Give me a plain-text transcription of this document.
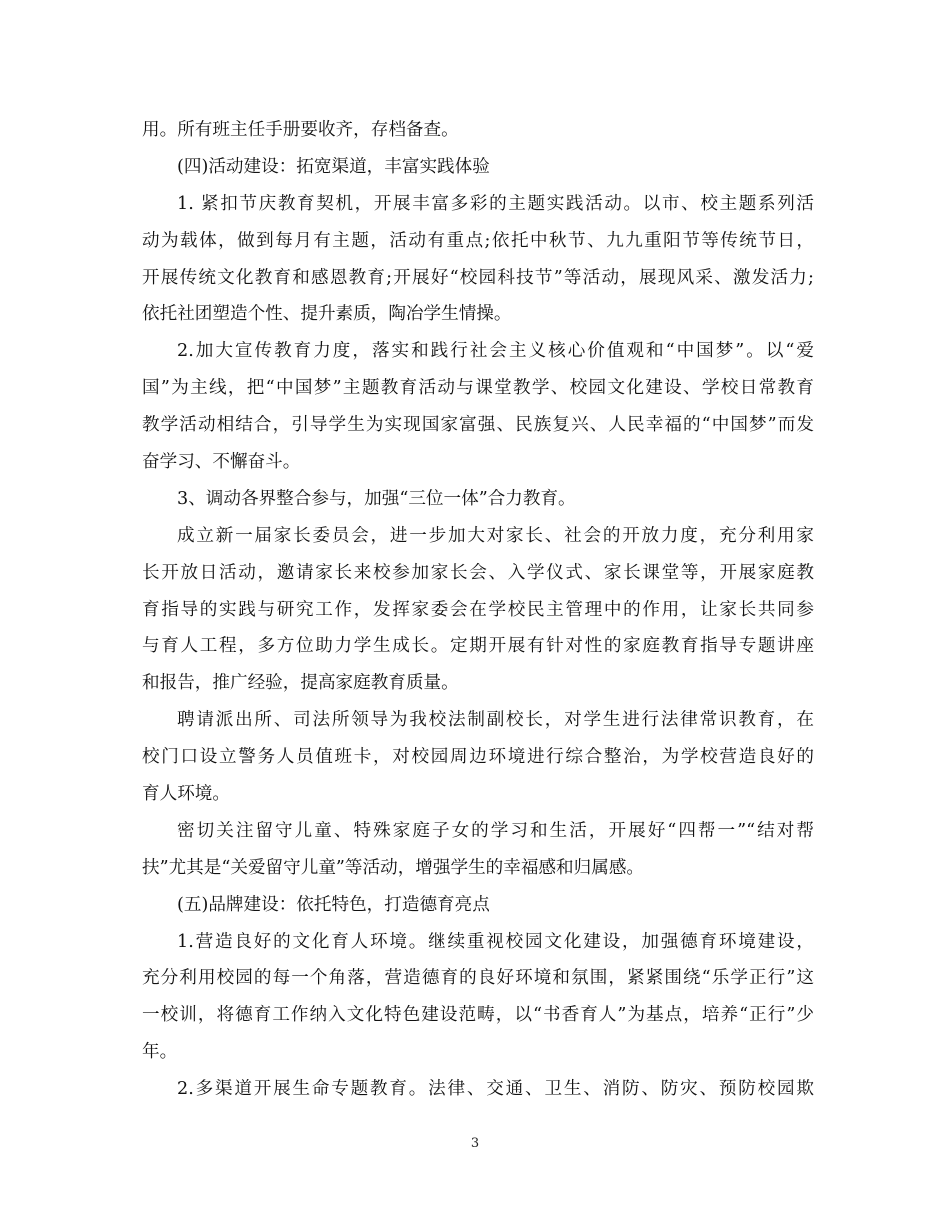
用。所有班主任手册要收齐，存档备查。
(四)活动建设：拓宽渠道，丰富实践体验
1. 紧扣节庆教育契机，开展丰富多彩的主题实践活动。以市、校主题系列活
动为载体，做到每月有主题，活动有重点;依托中秋节、九九重阳节等传统节日，
开展传统文化教育和感恩教育;开展好“校园科技节”等活动，展现风采、激发活力;
依托社团塑造个性、提升素质，陶冶学生情操。
2.加大宣传教育力度，落实和践行社会主义核心价值观和“中国梦”。以“爱
国”为主线，把“中国梦”主题教育活动与课堂教学、校园文化建设、学校日常教育
教学活动相结合，引导学生为实现国家富强、民族复兴、人民幸福的“中国梦”而发
奋学习、不懈奋斗。
3、调动各界整合参与，加强“三位一体”合力教育。
成立新一届家长委员会，进一步加大对家长、社会的开放力度，充分利用家
长开放日活动，邀请家长来校参加家长会、入学仪式、家长课堂等，开展家庭教
育指导的实践与研究工作，发挥家委会在学校民主管理中的作用，让家长共同参
与育人工程，多方位助力学生成长。定期开展有针对性的家庭教育指导专题讲座
和报告，推广经验，提高家庭教育质量。
聘请派出所、司法所领导为我校法制副校长，对学生进行法律常识教育，在
校门口设立警务人员值班卡，对校园周边环境进行综合整治，为学校营造良好的
育人环境。
密切关注留守儿童、特殊家庭子女的学习和生活，开展好“四帮一”“结对帮
扶”尤其是“关爱留守儿童”等活动，增强学生的幸福感和归属感。
(五)品牌建设：依托特色，打造德育亮点
1.营造良好的文化育人环境。继续重视校园文化建设，加强德育环境建设，
充分利用校园的每一个角落，营造德育的良好环境和氛围，紧紧围绕“乐学正行”这
一校训，将德育工作纳入文化特色建设范畴，以“书香育人”为基点，培养“正行”少
年。
2.多渠道开展生命专题教育。法律、交通、卫生、消防、防灾、预防校园欺
3
